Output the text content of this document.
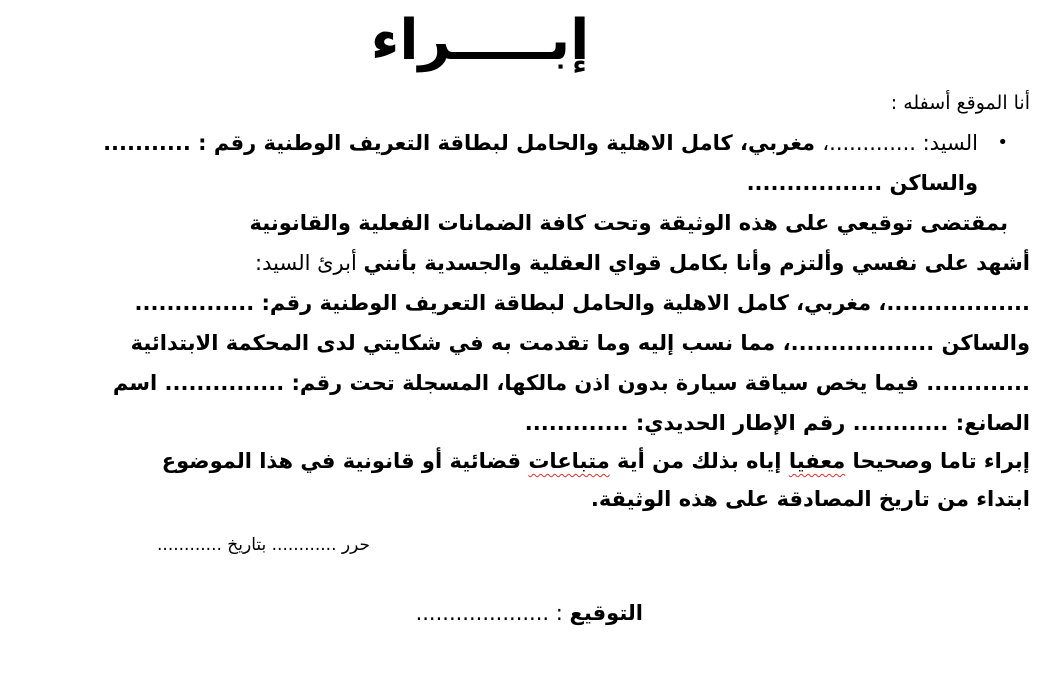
إبـــــراء
أنا الموقع أسفله :
•
السيد: .............، مغربي، كامل الاهلية والحامل لبطاقة التعريف الوطنية رقم : ...........
والساكن .................
بمقتضى توقيعي على هذه الوثيقة وتحت كافة الضمانات الفعلية والقانونية
أشهد على نفسي وألتزم وأنا بكامل قواي العقلية والجسدية بأنني أبرئ السيد:
..................، مغربي، كامل الاهلية والحامل لبطاقة التعريف الوطنية رقم: ...............
والساكن ..................، مما نسب إليه وما تقدمت به في شكايتي لدى المحكمة الابتدائية
............. فيما يخص سياقة سيارة بدون اذن مالكها، المسجلة تحت رقم: ............... اسم
الصانع: ............ رقم الإطار الحديدي: .............
إبراء تاما وصحيحا معفيا إياه بذلك من أية متباعات قضائية أو قانونية في هذا الموضوع
ابتداء من تاريخ المصادقة على هذه الوثيقة.
حرر ............ بتاريخ ............
التوقيع : ....................
